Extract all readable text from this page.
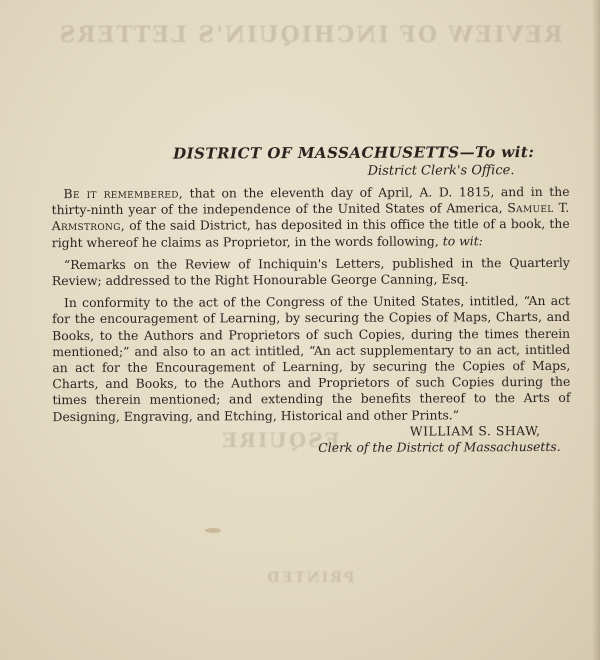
REVIEW OF INCHIQUIN'S LETTERS
ESQUIRE
PRINTED
DISTRICT OF MASSACHUSETTS—To wit:
District Clerk's Office.
Be it remembered, that on the eleventh day of April, A. D. 1815, and in the thirty-ninth year of the independence of the United States of America, Samuel T. Armstrong, of the said District, has deposited in this office the title of a book, the right whereof he claims as Proprietor, in the words following, to wit:
“Remarks on the Review of Inchiquin's Letters, published in the Quarterly Review; addressed to the Right Honourable George Canning, Esq.
In conformity to the act of the Congress of the United States, intitled, “An act for the encouragement of Learning, by securing the Copies of Maps, Charts, and Books, to the Authors and Proprietors of such Copies, during the times therein mentioned;” and also to an act intitled, “An act supplementary to an act, intitled an act for the Encouragement of Learning, by securing the Copies of Maps, Charts, and Books, to the Authors and Proprietors of such Copies during the times therein mentioned; and extending the benefits thereof to the Arts of Designing, Engraving, and Etching, Historical and other Prints.”
WILLIAM S. SHAW,
Clerk of the District of Massachusetts.
